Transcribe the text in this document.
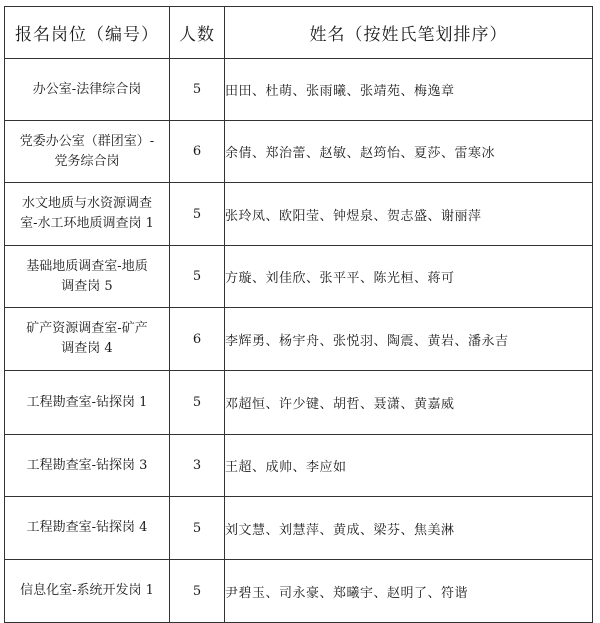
报名岗位（编号）	人数	姓名（按姓氏笔划排序）

办公室-法律综合岗	5	田田、杜萌、张雨曦、张靖苑、梅逸章

党委办公室（群团室）-
党务综合岗	6	余倩、郑治蕾、赵敏、赵筠怡、夏莎、雷寒冰

水文地质与水资源调查
室-水工环地质调查岗 1	5	张玲凤、欧阳莹、钟煜泉、贺志盛、谢丽萍

基础地质调查室-地质
调查岗 5	5	方璇、刘佳欣、张平平、陈光桓、蒋可

矿产资源调查室-矿产
调查岗 4	6	李辉勇、杨宇舟、张悦羽、陶震、黄岩、潘永吉

工程勘查室-钻探岗 1	5	邓超恒、许少键、胡哲、聂潇、黄嘉威

工程勘查室-钻探岗 3	3	王超、成帅、李应如

工程勘查室-钻探岗 4	5	刘文慧、刘慧萍、黄成、梁芬、焦美淋

信息化室-系统开发岗 1	5	尹碧玉、司永豪、郑曦宇、赵明了、符谐
